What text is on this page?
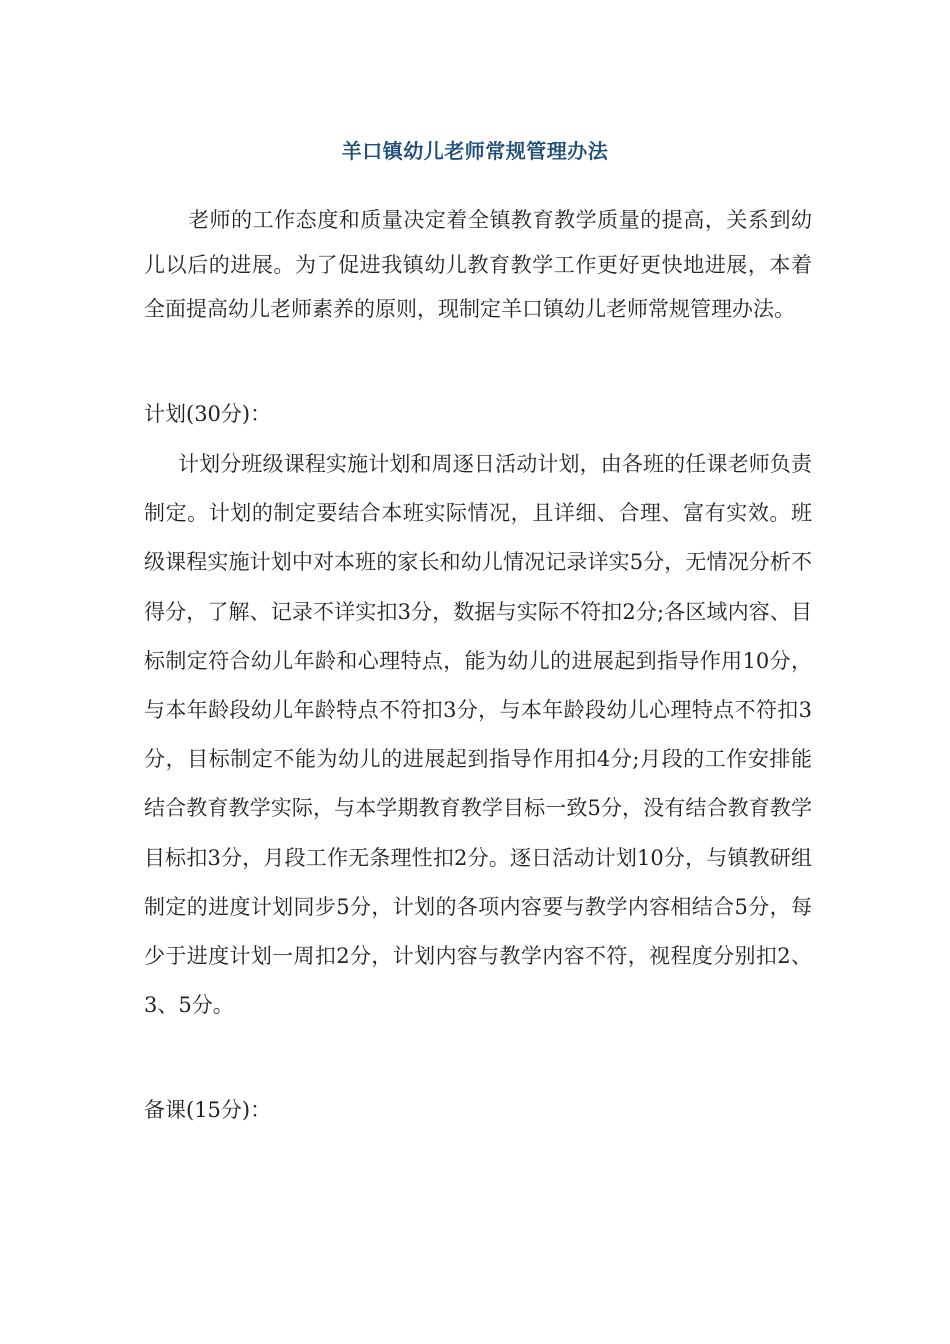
羊口镇幼儿老师常规管理办法
老师的工作态度和质量决定着全镇教育教学质量的提高，关系到幼儿以后的进展。为了促进我镇幼儿教育教学工作更好更快地进展，本着全面提高幼儿老师素养的原则，现制定羊口镇幼儿老师常规管理办法。
计划(30分)：
计划分班级课程实施计划和周逐日活动计划，由各班的任课老师负责制定。计划的制定要结合本班实际情况，且详细、合理、富有实效。班级课程实施计划中对本班的家长和幼儿情况记录详实5分，无情况分析不得分，了解、记录不详实扣3分，数据与实际不符扣2分;各区域内容、目标制定符合幼儿年龄和心理特点，能为幼儿的进展起到指导作用10分，与本年龄段幼儿年龄特点不符扣3分，与本年龄段幼儿心理特点不符扣3分，目标制定不能为幼儿的进展起到指导作用扣4分;月段的工作安排能结合教育教学实际，与本学期教育教学目标一致5分，没有结合教育教学目标扣3分，月段工作无条理性扣2分。逐日活动计划10分，与镇教研组制定的进度计划同步5分，计划的各项内容要与教学内容相结合5分，每少于进度计划一周扣2分，计划内容与教学内容不符，视程度分别扣2、3、5分。
备课(15分)：
